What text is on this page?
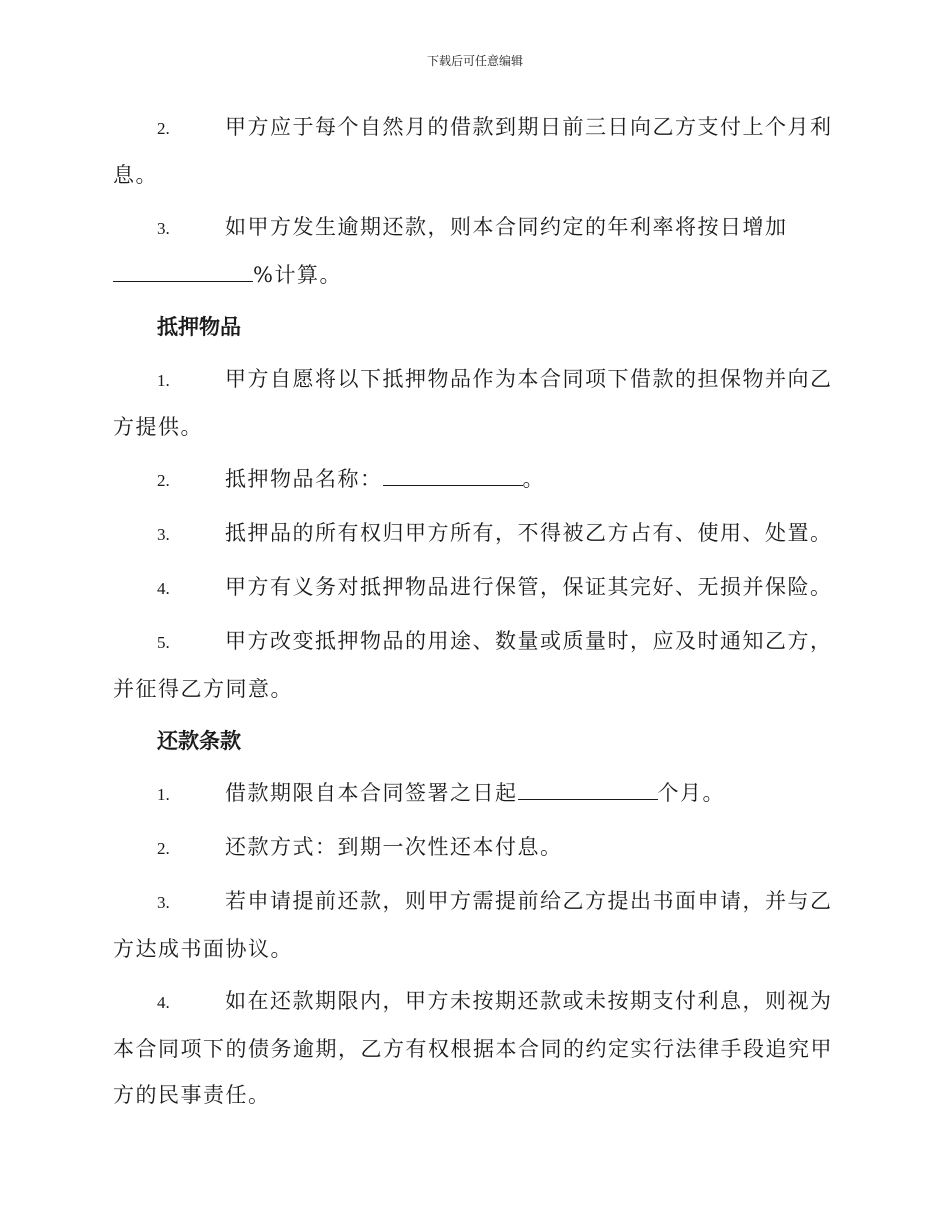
下载后可任意编辑

2.	甲方应于每个自然月的借款到期日前三日向乙方支付上个月利息。

3.	如甲方发生逾期还款，则本合同约定的年利率将按日增加%计算。

抵押物品

1.	甲方自愿将以下抵押物品作为本合同项下借款的担保物并向乙方提供。

2.	抵押物品名称：	。

3.	抵押品的所有权归甲方所有，不得被乙方占有、使用、处置。

4.	甲方有义务对抵押物品进行保管，保证其完好、无损并保险。

5.	甲方改变抵押物品的用途、数量或质量时，应及时通知乙方，并征得乙方同意。

还款条款

1.	借款期限自本合同签署之日起	个月。

2.	还款方式：到期一次性还本付息。

3.	若申请提前还款，则甲方需提前给乙方提出书面申请，并与乙方达成书面协议。

4.	如在还款期限内，甲方未按期还款或未按期支付利息，则视为本合同项下的债务逾期，乙方有权根据本合同的约定实行法律手段追究甲方的民事责任。
